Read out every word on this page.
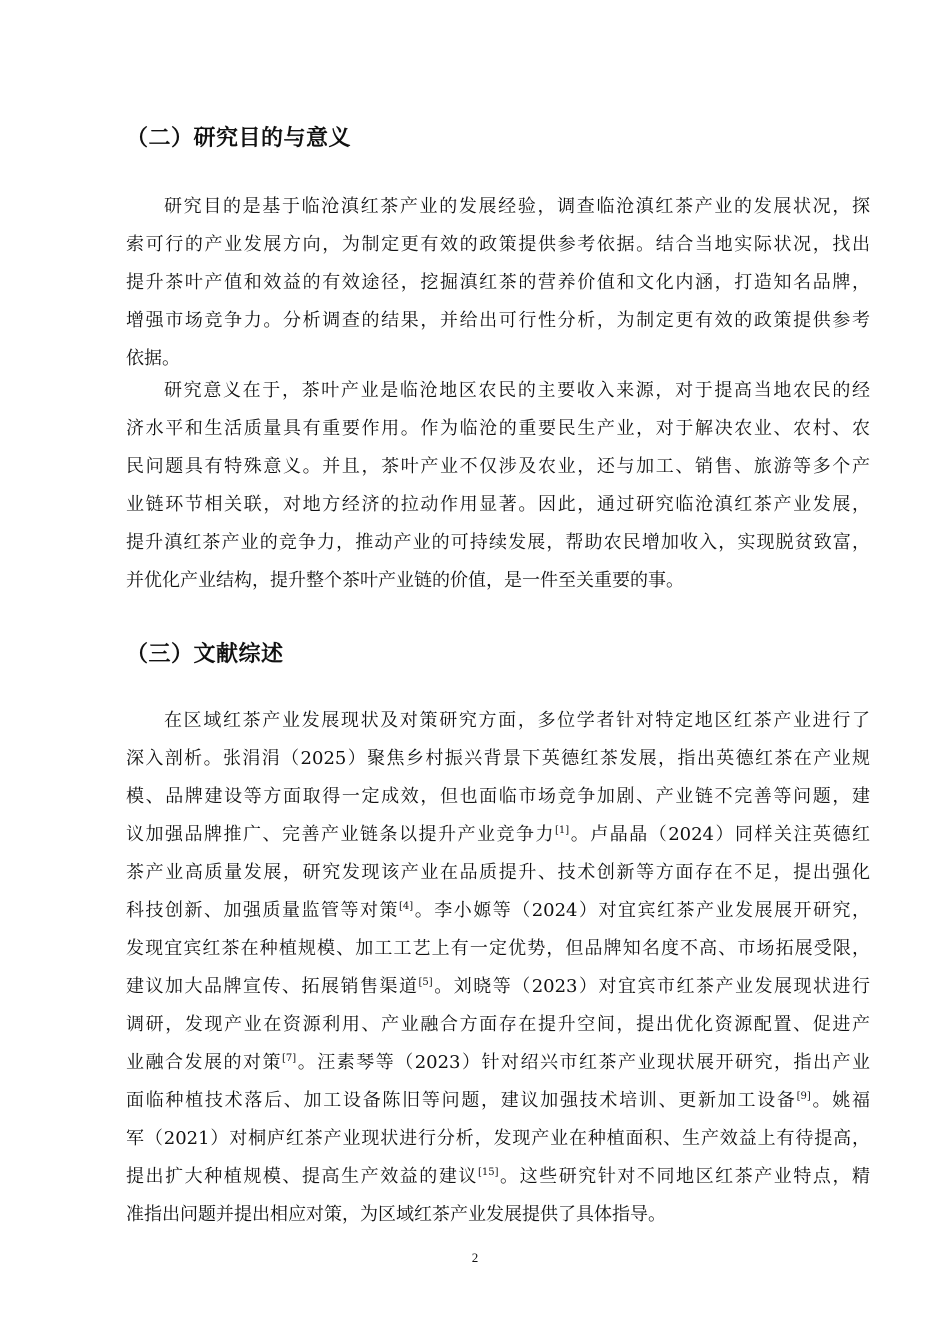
（二）研究目的与意义
研究目的是基于临沧滇红茶产业的发展经验，调查临沧滇红茶产业的发展状况，探
索可行的产业发展方向，为制定更有效的政策提供参考依据。结合当地实际状况，找出
提升茶叶产值和效益的有效途径，挖掘滇红茶的营养价值和文化内涵，打造知名品牌，
增强市场竞争力。分析调查的结果，并给出可行性分析，为制定更有效的政策提供参考
依据。
研究意义在于，茶叶产业是临沧地区农民的主要收入来源，对于提高当地农民的经
济水平和生活质量具有重要作用。作为临沧的重要民生产业，对于解决农业、农村、农
民问题具有特殊意义。并且，茶叶产业不仅涉及农业，还与加工、销售、旅游等多个产
业链环节相关联，对地方经济的拉动作用显著。因此，通过研究临沧滇红茶产业发展，
提升滇红茶产业的竞争力，推动产业的可持续发展，帮助农民增加收入，实现脱贫致富，
并优化产业结构，提升整个茶叶产业链的价值，是一件至关重要的事。
（三）文献综述
在区域红茶产业发展现状及对策研究方面，多位学者针对特定地区红茶产业进行了
深入剖析。张涓涓（2025）聚焦乡村振兴背景下英德红茶发展，指出英德红茶在产业规
模、品牌建设等方面取得一定成效，但也面临市场竞争加剧、产业链不完善等问题，建
议加强品牌推广、完善产业链条以提升产业竞争力[1]。卢晶晶（2024）同样关注英德红
茶产业高质量发展，研究发现该产业在品质提升、技术创新等方面存在不足，提出强化
科技创新、加强质量监管等对策[4]。李小嫄等（2024）对宜宾红茶产业发展展开研究，
发现宜宾红茶在种植规模、加工工艺上有一定优势，但品牌知名度不高、市场拓展受限，
建议加大品牌宣传、拓展销售渠道[5]。刘晓等（2023）对宜宾市红茶产业发展现状进行
调研，发现产业在资源利用、产业融合方面存在提升空间，提出优化资源配置、促进产
业融合发展的对策[7]。汪素琴等（2023）针对绍兴市红茶产业现状展开研究，指出产业
面临种植技术落后、加工设备陈旧等问题，建议加强技术培训、更新加工设备[9]。姚福
军（2021）对桐庐红茶产业现状进行分析，发现产业在种植面积、生产效益上有待提高，
提出扩大种植规模、提高生产效益的建议[15]。这些研究针对不同地区红茶产业特点，精
准指出问题并提出相应对策，为区域红茶产业发展提供了具体指导。
2
